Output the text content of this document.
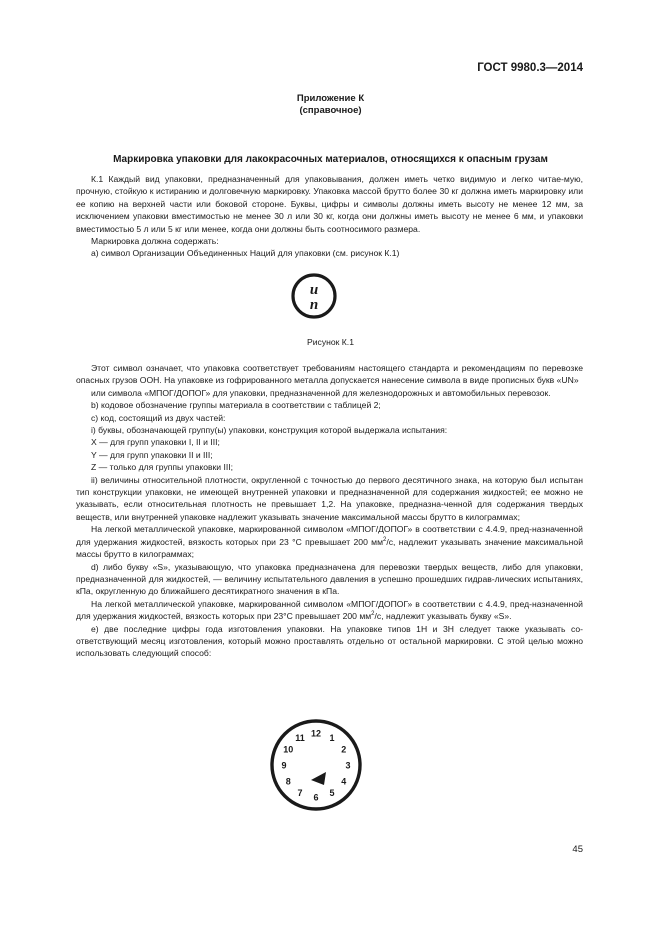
ГОСТ 9980.3—2014
Приложение К
(справочное)
Маркировка упаковки для лакокрасочных материалов, относящихся к опасным грузам

К.1 Каждый вид упаковки, предназначенный для упаковывания, должен иметь четко видимую и легко читае-мую, прочную, стойкую к истиранию и долговечную маркировку. Упаковка массой брутто более 30 кг должна иметь маркировку или ее копию на верхней части или боковой стороне. Буквы, цифры и символы должны иметь высоту не менее 12 мм, за исключением упаковки вместимостью не менее 30 л или 30 кг, когда они должны иметь высоту не менее 6 мм, и упаковки вместимостью 5 л или 5 кг или менее, когда они должны быть соотносимого размера.

Маркировка должна содержать:

а) символ Организации Объединенных Наций для упаковки (см. рисунок К.1)

u
n
Рисунок К.1

Этот символ означает, что упаковка соответствует требованиям настоящего стандарта и рекомендациям по перевозке опасных грузов ООН. На упаковке из гофрированного металла допускается нанесение символа в виде прописных букв «UN»

или символа «МПОГ/ДОПОГ» для упаковки, предназначенной для железнодорожных и автомобильных перевозок.

b) кодовое обозначение группы материала в соответствии с таблицей 2;

c) код, состоящий из двух частей:

i) буквы, обозначающей группу(ы) упаковки, конструкция которой выдержала испытания:

X — для групп упаковки I, II и III;

Y — для групп упаковки II и III;

Z — только для группы упаковки III;

ii) величины относительной плотности, округленной с точностью до первого десятичного знака, на которую был испытан тип конструкции упаковки, не имеющей внутренней упаковки и предназначенной для содержания жидкостей; ее можно не указывать, если относительная плотность не превышает 1,2. На упаковке, предназна-ченной для содержания твердых веществ, или внутренней упаковке надлежит указывать значение максимальной массы брутто в килограммах;

На легкой металлической упаковке, маркированной символом «МПОГ/ДОПОГ» в соответствии с 4.4.9, пред-назначенной для удержания жидкостей, вязкость которых при 23 °С превышает 200 $мм^2/с$, надлежит указывать значение максимальной массы брутто в килограммах;

d) либо букву «S», указывающую, что упаковка предназначена для перевозки твердых веществ, либо для упаковки, предназначенной для жидкостей, — величину испытательного давления в успешно прошедших гидрав-лических испытаниях, кПа, округленную до ближайшего десятикратного значения в кПа.

На легкой металлической упаковке, маркированной символом «МПОГ/ДОПОГ» в соответствии с 4.4.9, пред-назначенной для удержания жидкостей, вязкость которых при 23°С превышает 200 $мм^2/с$, надлежит указывать букву «S».

е) две последние цифры года изготовления упаковки. На упаковке типов 1Н и 3Н следует также указывать со-ответствующий месяц изготовления, который можно проставлять отдельно от остальной маркировки. С этой целью можно использовать следующий способ:

12 1
2
3
4
5
6
7
8
9
10
11
45
